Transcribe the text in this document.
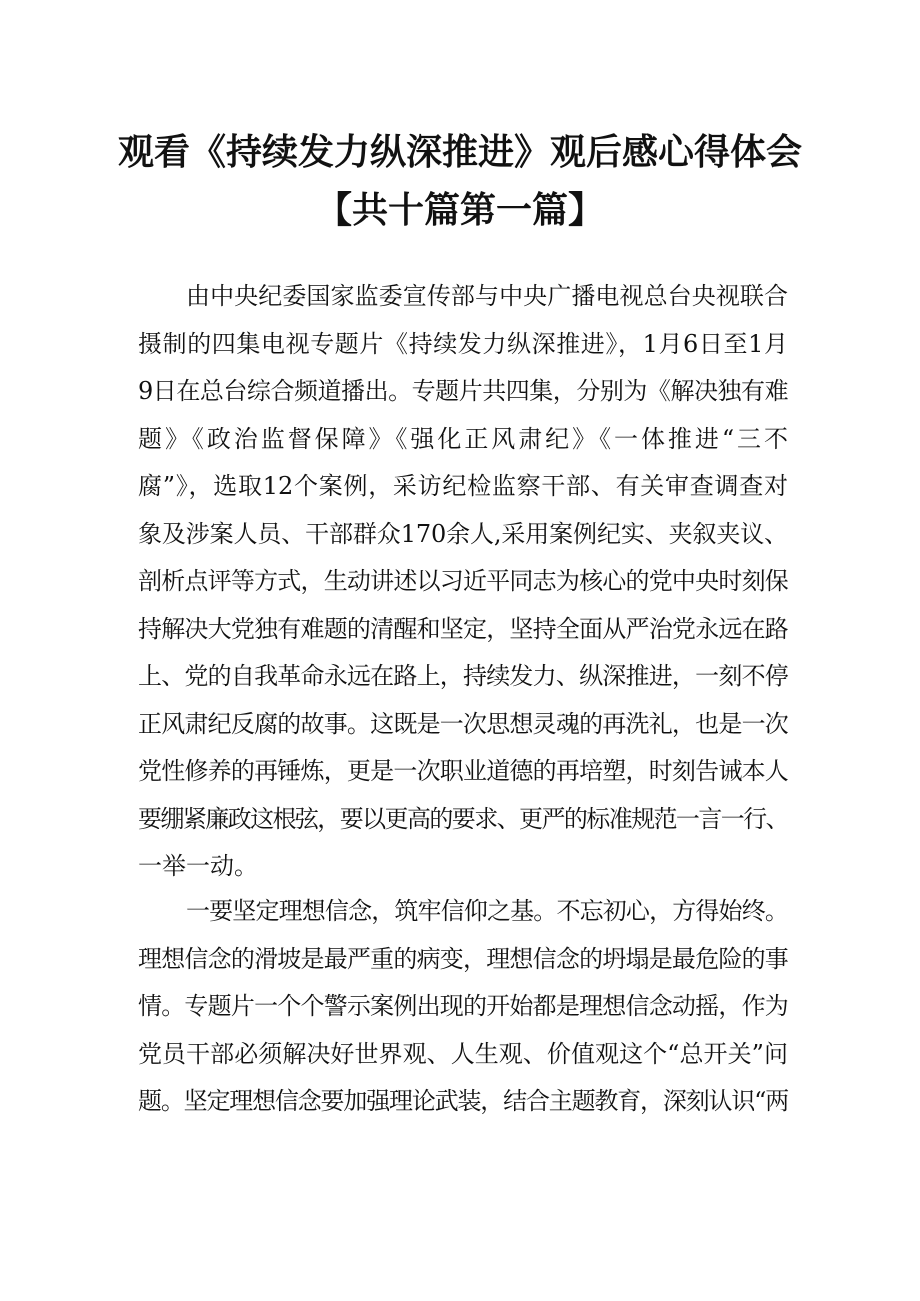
观看《持续发力纵深推进》观后感心得体会
【共十篇第一篇】
由中央纪委国家监委宣传部与中央广播电视总台央视联合
摄制的四集电视专题片《持续发力纵深推进》，1月6日至1月
9日在总台综合频道播出。专题片共四集，分别为《解决独有难
题》《政治监督保障》《强化正风肃纪》《一体推进“三不
腐”》，选取12个案例，采访纪检监察干部、有关审查调查对
象及涉案人员、干部群众170余人,采用案例纪实、夹叙夹议、
剖析点评等方式，生动讲述以习近平同志为核心的党中央时刻保
持解决大党独有难题的清醒和坚定，坚持全面从严治党永远在路
上、党的自我革命永远在路上，持续发力、纵深推进，一刻不停
正风肃纪反腐的故事。这既是一次思想灵魂的再洗礼，也是一次
党性修养的再锤炼，更是一次职业道德的再培塑，时刻告诫本人
要绷紧廉政这根弦，要以更高的要求、更严的标准规范一言一行、
一举一动。
一要坚定理想信念，筑牢信仰之基。不忘初心，方得始终。
理想信念的滑坡是最严重的病变，理想信念的坍塌是最危险的事
情。专题片一个个警示案例出现的开始都是理想信念动摇，作为
党员干部必须解决好世界观、人生观、价值观这个“总开关”问
题。坚定理想信念要加强理论武装，结合主题教育，深刻认识“两
